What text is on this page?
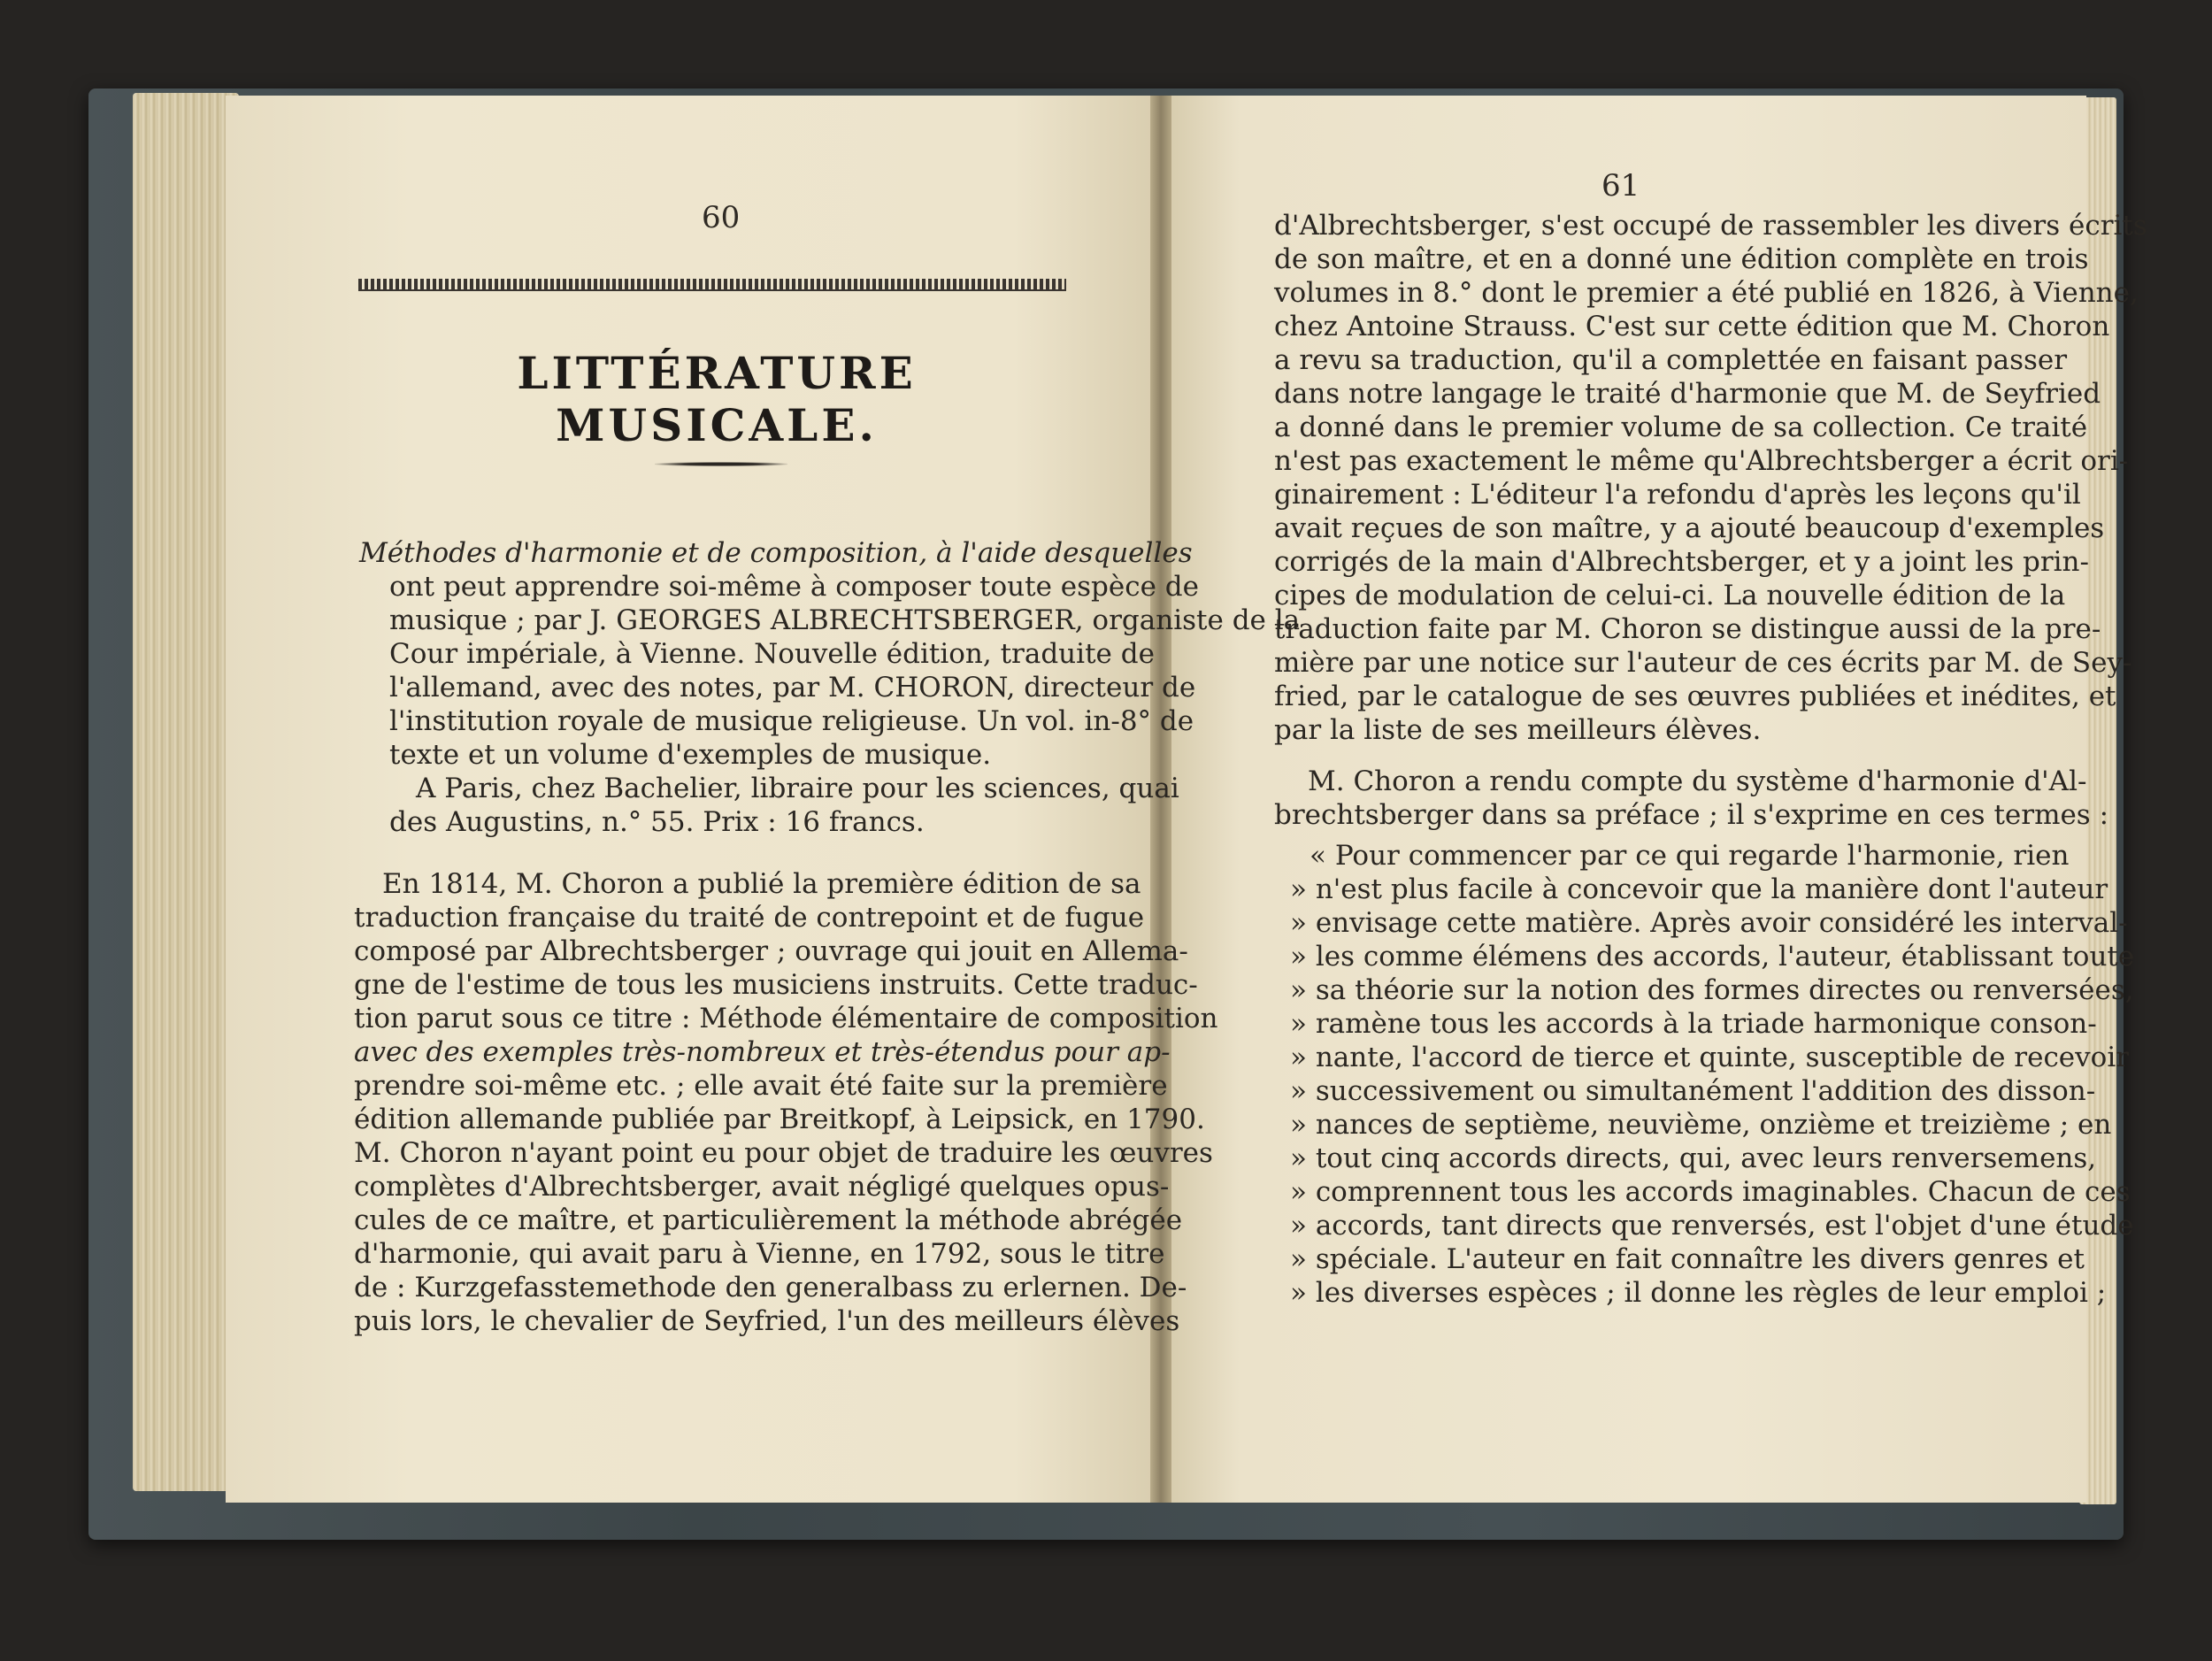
60
LITTÉRATURE MUSICALE.
Méthodes d'harmonie et de composition, à l'aide desquelles
ont peut apprendre soi-même à composer toute espèce de
musique ; par J. GEORGES ALBRECHTSBERGER, organiste de la
Cour impériale, à Vienne. Nouvelle édition, traduite de
l'allemand, avec des notes, par M. CHORON, directeur de
l'institution royale de musique religieuse. Un vol. in-8° de
texte et un volume d'exemples de musique.
A Paris, chez Bachelier, libraire pour les sciences, quai
des Augustins, n.° 55. Prix : 16 francs.
En 1814, M. Choron a publié la première édition de sa
traduction française du traité de contrepoint et de fugue
composé par Albrechtsberger ; ouvrage qui jouit en Allema-
gne de l'estime de tous les musiciens instruits. Cette traduc-
tion parut sous ce titre : Méthode élémentaire de composition
avec des exemples très-nombreux et très-étendus pour ap-
prendre soi-même etc. ; elle avait été faite sur la première
édition allemande publiée par Breitkopf, à Leipsick, en 1790.
M. Choron n'ayant point eu pour objet de traduire les œuvres
complètes d'Albrechtsberger, avait négligé quelques opus-
cules de ce maître, et particulièrement la méthode abrégée
d'harmonie, qui avait paru à Vienne, en 1792, sous le titre
de : Kurzgefasstemethode den generalbass zu erlernen. De-
puis lors, le chevalier de Seyfried, l'un des meilleurs élèves
61
d'Albrechtsberger, s'est occupé de rassembler les divers écrits
de son maître, et en a donné une édition complète en trois
volumes in 8.° dont le premier a été publié en 1826, à Vienne,
chez Antoine Strauss. C'est sur cette édition que M. Choron
a revu sa traduction, qu'il a complettée en faisant passer
dans notre langage le traité d'harmonie que M. de Seyfried
a donné dans le premier volume de sa collection. Ce traité
n'est pas exactement le même qu'Albrechtsberger a écrit ori-
ginairement : L'éditeur l'a refondu d'après les leçons qu'il
avait reçues de son maître, y a ajouté beaucoup d'exemples
corrigés de la main d'Albrechtsberger, et y a joint les prin-
cipes de modulation de celui-ci. La nouvelle édition de la
traduction faite par M. Choron se distingue aussi de la pre-
mière par une notice sur l'auteur de ces écrits par M. de Sey-
fried, par le catalogue de ses œuvres publiées et inédites, et
par la liste de ses meilleurs élèves.
M. Choron a rendu compte du système d'harmonie d'Al-
brechtsberger dans sa préface ; il s'exprime en ces termes :
« Pour commencer par ce qui regarde l'harmonie, rien
» n'est plus facile à concevoir que la manière dont l'auteur
» envisage cette matière. Après avoir considéré les interval-
» les comme élémens des accords, l'auteur, établissant toute
» sa théorie sur la notion des formes directes ou renversées,
» ramène tous les accords à la triade harmonique conson-
» nante, l'accord de tierce et quinte, susceptible de recevoir
» successivement ou simultanément l'addition des disson-
» nances de septième, neuvième, onzième et treizième ; en
» tout cinq accords directs, qui, avec leurs renversemens,
» comprennent tous les accords imaginables. Chacun de ces
» accords, tant directs que renversés, est l'objet d'une étude
» spéciale. L'auteur en fait connaître les divers genres et
» les diverses espèces ; il donne les règles de leur emploi ;
